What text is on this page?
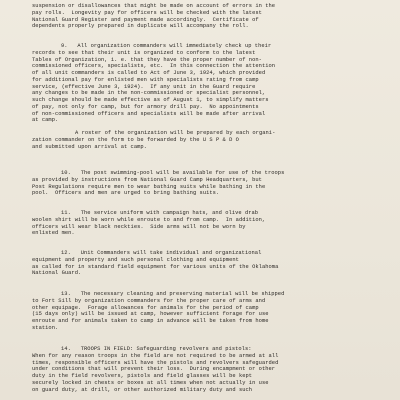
suspension or disallowances that might be made on account of errors in the
pay rolls.  Longevity pay for officers will be checked with the latest
National Guard Register and payment made accordingly.  Certificate of
dependents properly prepared in duplicate will accompany the roll.
9.   All organization commanders will immediately check up their
records to see that their unit is organized to conform to the latest
Tables of Organization, i. e. that they have the proper number of non-
commissioned officers, specialists, etc.  In this connection the attention
of all unit commanders is called to Act of June 3, 1924, which provided
for additional pay for enlisted men with specialists rating from camp
service, (effective June 3, 1924).  If any unit in the Guard require
any changes to be made in the non-commissioned or specialist personnel,
such change should be made effective as of August 1, to simplify matters
of pay, not only for camp, but for armory drill pay.  No appointments
of non-commissioned officers and specialists will be made after arrival
at camp.
A roster of the organization will be prepared by each organi-
zation commander on the form to be forwarded by the U S P & D O
and submitted upon arrival at camp.
10.   The post swimming-pool will be available for use of the troops
as provided by instructions from National Guard Camp Headquarters, but
Post Regulations require men to wear bathing suits while bathing in the
pool.  Officers and men are urged to bring bathing suits.
11.   The service uniform with campaign hats, and olive drab
woolen shirt will be worn while enroute to and from camp.  In addition,
officers will wear black neckties.  Side arms will not be worn by
enlisted men.
12.   Unit Commanders will take individual and organizational
equipment and property and such personal clothing and equipment
as called for in standard field equipment for various units of the Oklahoma
National Guard.
13.   The necessary cleaning and preserving material will be shipped
to Fort Sill by organization commanders for the proper care of arms and
other equipage.  Forage allowances for animals for the period of camp
(15 days only) will be issued at camp, however sufficient forage for use
enroute and for animals taken to camp in advance will be taken from home
station.
14.   TROOPS IN FIELD: Safeguarding revolvers and pistols:
When for any reason troops in the field are not required to be armed at all
times, responsible officers will have the pistols and revolvers safeguarded
under conditions that will prevent their loss.  During encampment or other
duty in the field revolvers, pistols and field glasses will be kept
securely locked in chests or boxes at all times when not actually in use
on guard duty, at drill, or other authorized military duty and such
